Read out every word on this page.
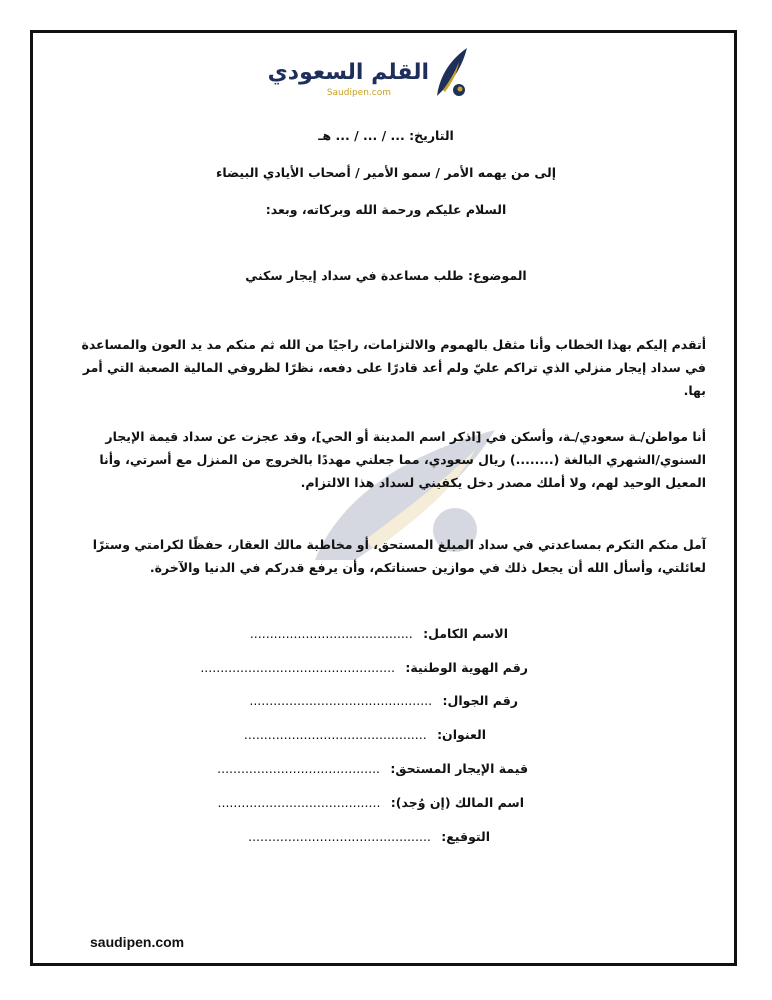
القلم السعودي
Saudipen.com
التاريخ: ... / ... / ... هـ
إلى من يهمه الأمر / سمو الأمير / أصحاب الأيادي البيضاء
السلام عليكم ورحمة الله وبركاته، وبعد:
الموضوع: طلب مساعدة في سداد إيجار سكني
أتقدم إليكم بهذا الخطاب وأنا مثقل بالهموم والالتزامات، راجيًا من الله ثم منكم مد يد العون والمساعدة في سداد إيجار منزلي الذي تراكم عليّ ولم أعد قادرًا على دفعه، نظرًا لظروفي المالية الصعبة التي أمر بها.
أنا مواطن/ـة سعودي/ـة، وأسكن في [اذكر اسم المدينة أو الحي]، وقد عجزت عن سداد قيمة الإيجار السنوي/الشهري البالغة (........) ريال سعودي، مما جعلني مهددًا بالخروج من المنزل مع أسرتي، وأنا المعيل الوحيد لهم، ولا أملك مصدر دخل يكفيني لسداد هذا الالتزام.
آمل منكم التكرم بمساعدتي في سداد المبلغ المستحق، أو مخاطبة مالك العقار، حفظًا لكرامتي وسترًا لعائلتي، وأسأل الله أن يجعل ذلك في موازين حسناتكم، وأن يرفع قدركم في الدنيا والآخرة.
الاسم الكامل: .........................................
رقم الهوية الوطنية: .................................................
رقم الجوال: ..............................................
العنوان: ..............................................
قيمة الإيجار المستحق: .........................................
اسم المالك (إن وُجد): .........................................
التوقيع: ..............................................
saudipen.com
